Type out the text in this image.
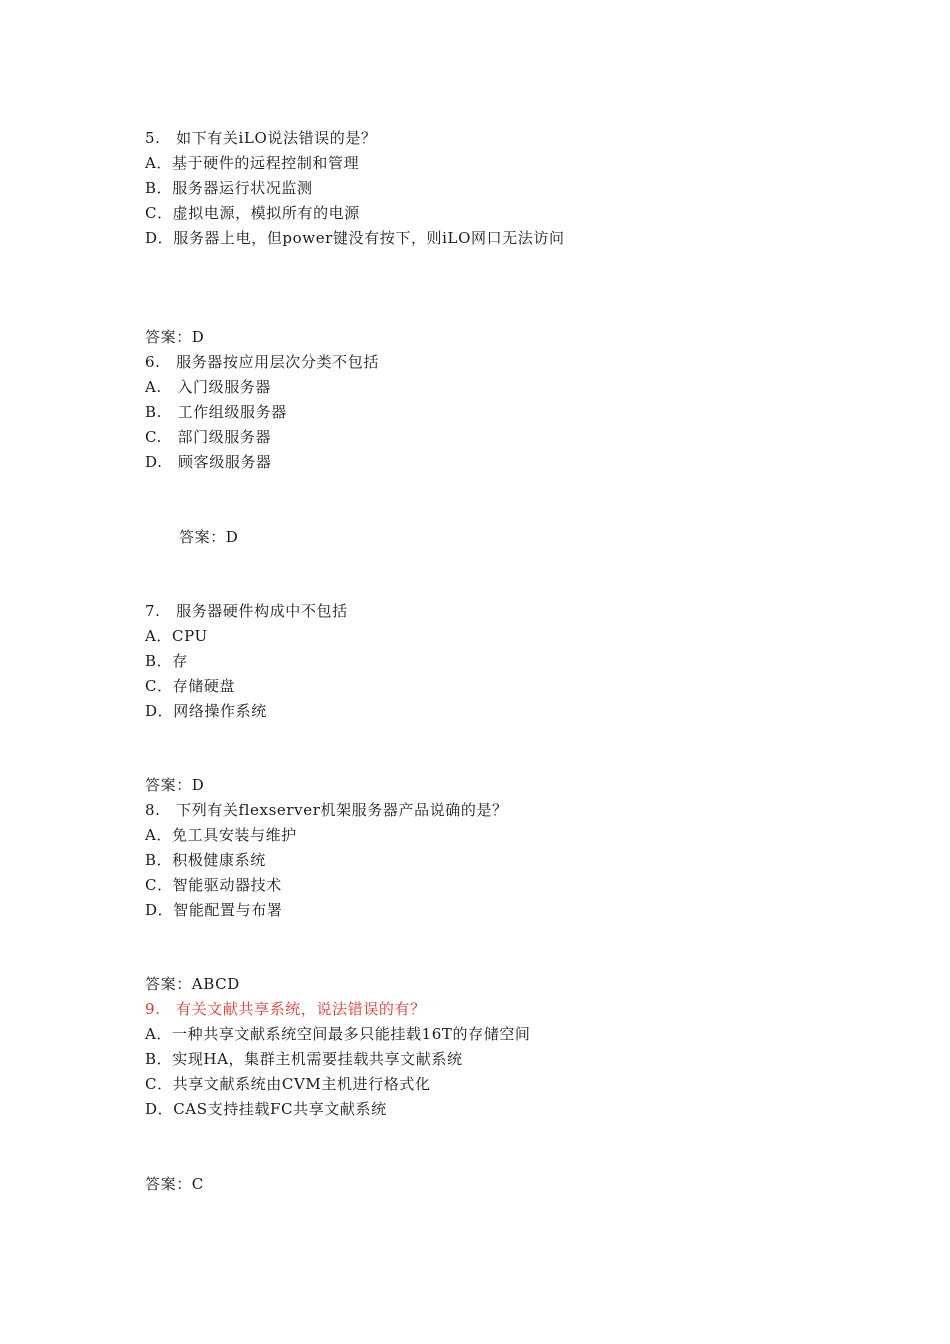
5.　如下有关iLO说法错误的是？
A．基于硬件的远程控制和管理
B．服务器运行状况监测
C．虚拟电源，模拟所有的电源
D．服务器上电，但power键没有按下，则iLO网口无法访问
答案：D
6.　服务器按应用层次分类不包括
A.　入门级服务器
B.　工作组级服务器
C.　部门级服务器
D.　顾客级服务器
答案：D
7.　服务器硬件构成中不包括
A．CPU
B．存
C．存储硬盘
D．网络操作系统
答案：D
8.　下列有关flexserver机架服务器产品说确的是？
A．免工具安装与维护
B．积极健康系统
C．智能驱动器技术
D．智能配置与布署
答案：ABCD
9.　有关文献共享系统，说法错误的有？
A．一种共享文献系统空间最多只能挂载16T的存储空间
B．实现HA，集群主机需要挂载共享文献系统
C．共享文献系统由CVM主机进行格式化
D．CAS支持挂载FC共享文献系统
答案：C
